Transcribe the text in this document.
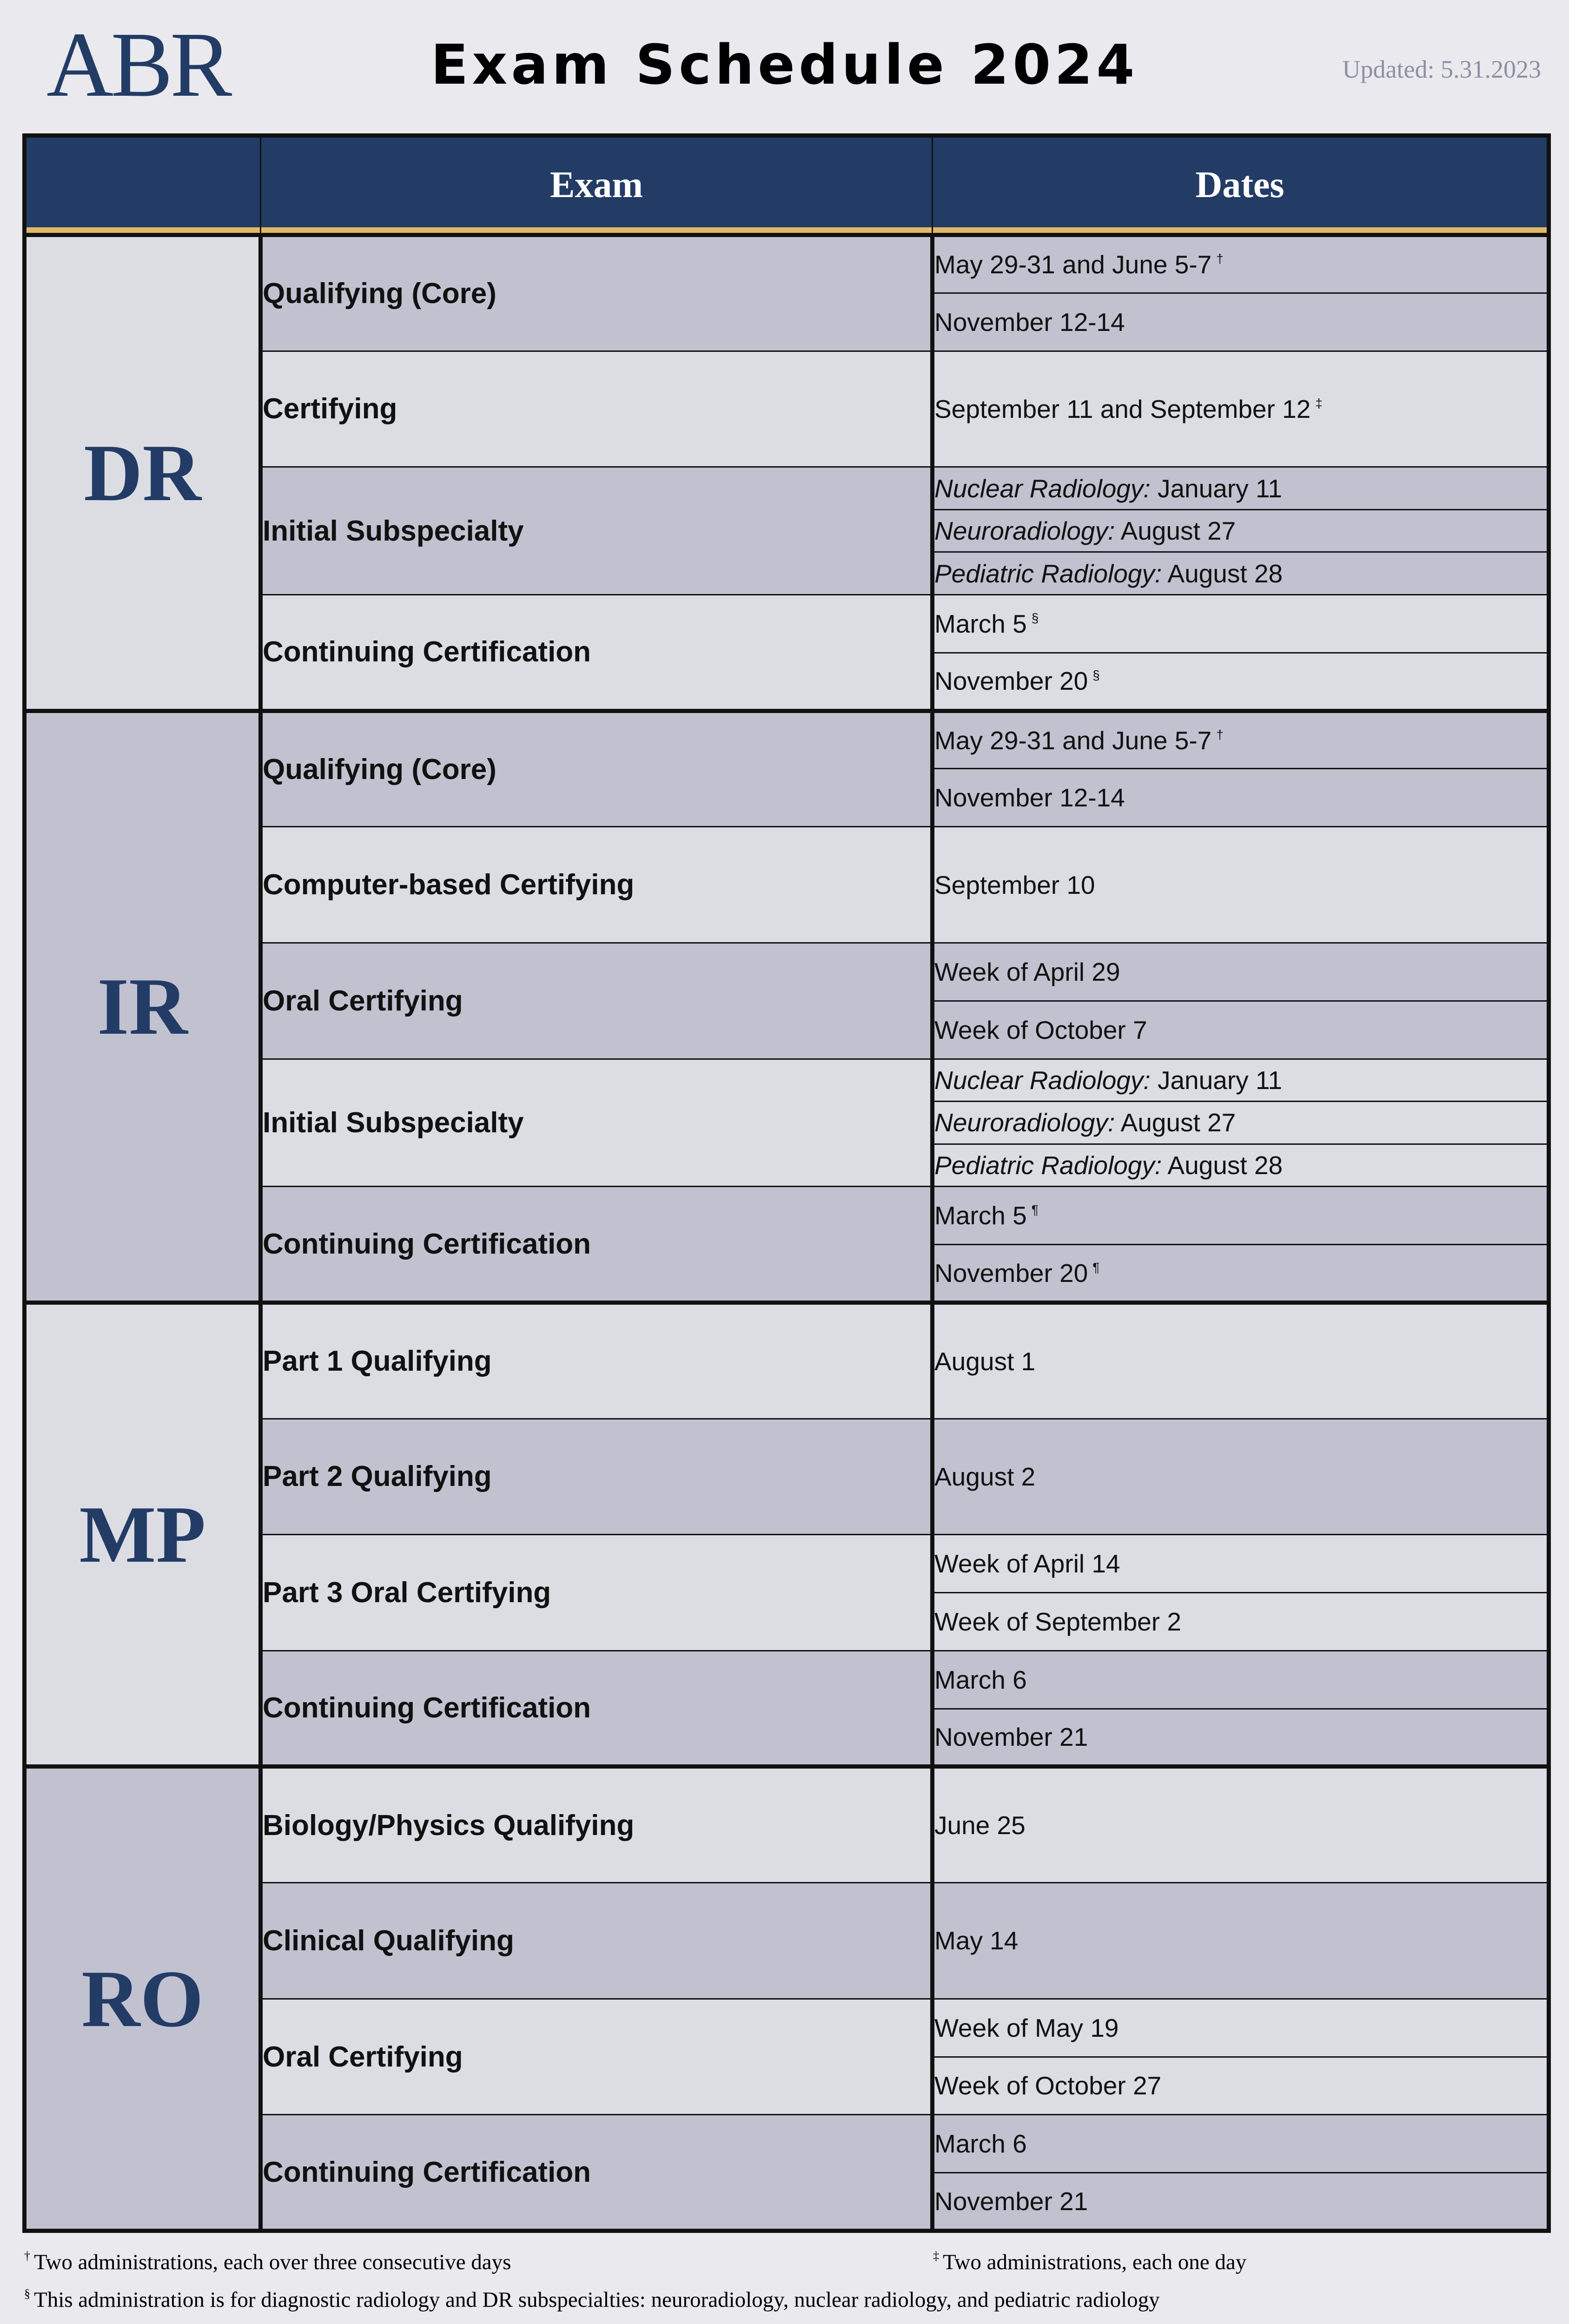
ABR	Exam Schedule 2024	Updated: 5.31.2023
	Exam	Dates
DR	Qualifying (Core)	May 29-31 and June 5-7 †
		November 12-14
	Certifying	September 11 and September 12 ‡
	Initial Subspecialty	Nuclear Radiology: January 11
		Neuroradiology: August 27
		Pediatric Radiology: August 28
	Continuing Certification	March 5 §
		November 20 §
IR	Qualifying (Core)	May 29-31 and June 5-7 †
		November 12-14
	Computer-based Certifying	September 10
	Oral Certifying	Week of April 29
		Week of October 7
	Initial Subspecialty	Nuclear Radiology: January 11
		Neuroradiology: August 27
		Pediatric Radiology: August 28
	Continuing Certification	March 5 ¶
		November 20 ¶
MP	Part 1 Qualifying	August 1
	Part 2 Qualifying	August 2
	Part 3 Oral Certifying	Week of April 14
		Week of September 2
	Continuing Certification	March 6
		November 21
RO	Biology/Physics Qualifying	June 25
	Clinical Qualifying	May 14
	Oral Certifying	Week of May 19
		Week of October 27
	Continuing Certification	March 6
		November 21
† Two administrations, each over three consecutive days	‡ Two administrations, each one day
§ This administration is for diagnostic radiology and DR subspecialties: neuroradiology, nuclear radiology, and pediatric radiology
